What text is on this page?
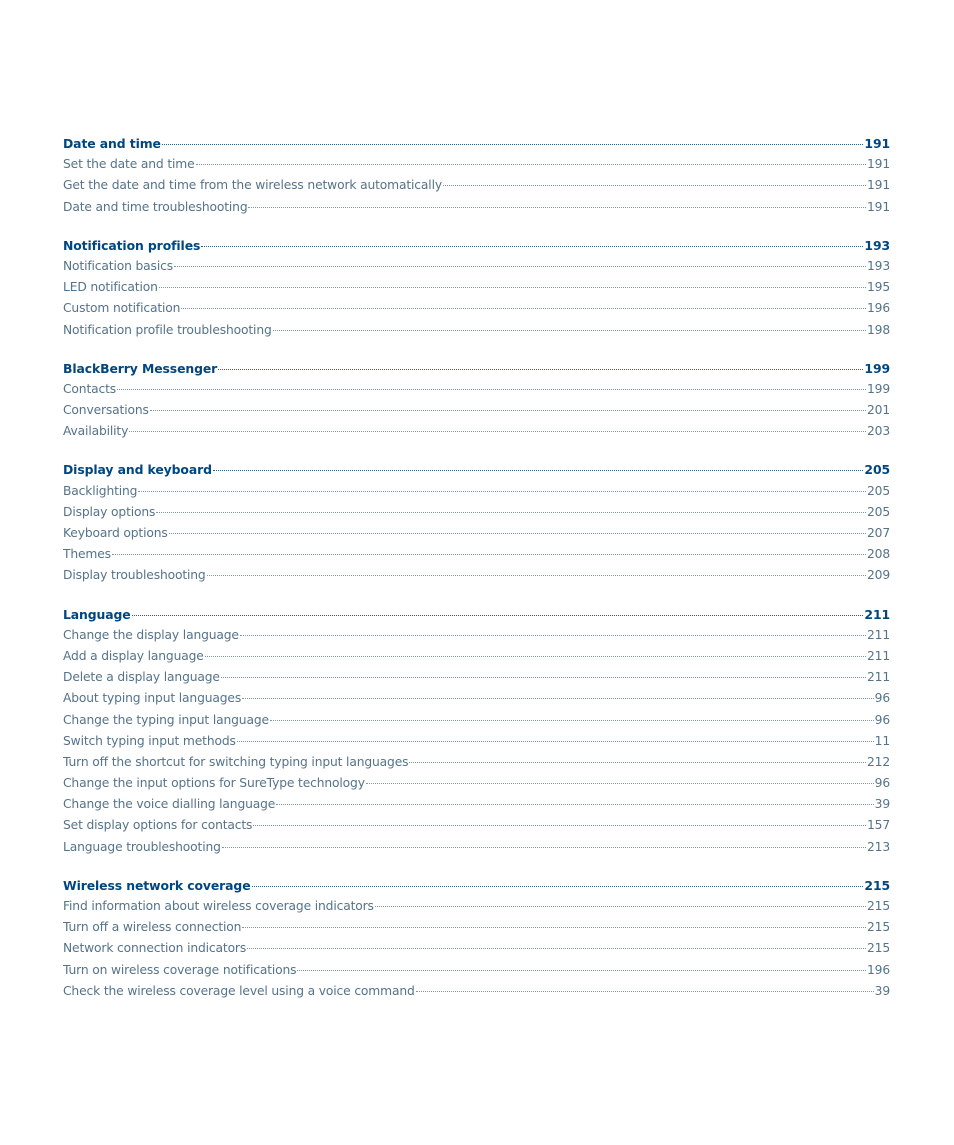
Date and time	191
Set the date and time	191
Get the date and time from the wireless network automatically	191
Date and time troubleshooting	191
Notification profiles	193
Notification basics	193
LED notification	195
Custom notification	196
Notification profile troubleshooting	198
BlackBerry Messenger	199
Contacts	199
Conversations	201
Availability	203
Display and keyboard	205
Backlighting	205
Display options	205
Keyboard options	207
Themes	208
Display troubleshooting	209
Language	211
Change the display language	211
Add a display language	211
Delete a display language	211
About typing input languages	96
Change the typing input language	96
Switch typing input methods	11
Turn off the shortcut for switching typing input languages	212
Change the input options for SureType technology	96
Change the voice dialling language	39
Set display options for contacts	157
Language troubleshooting	213
Wireless network coverage	215
Find information about wireless coverage indicators	215
Turn off a wireless connection	215
Network connection indicators	215
Turn on wireless coverage notifications	196
Check the wireless coverage level using a voice command	39
